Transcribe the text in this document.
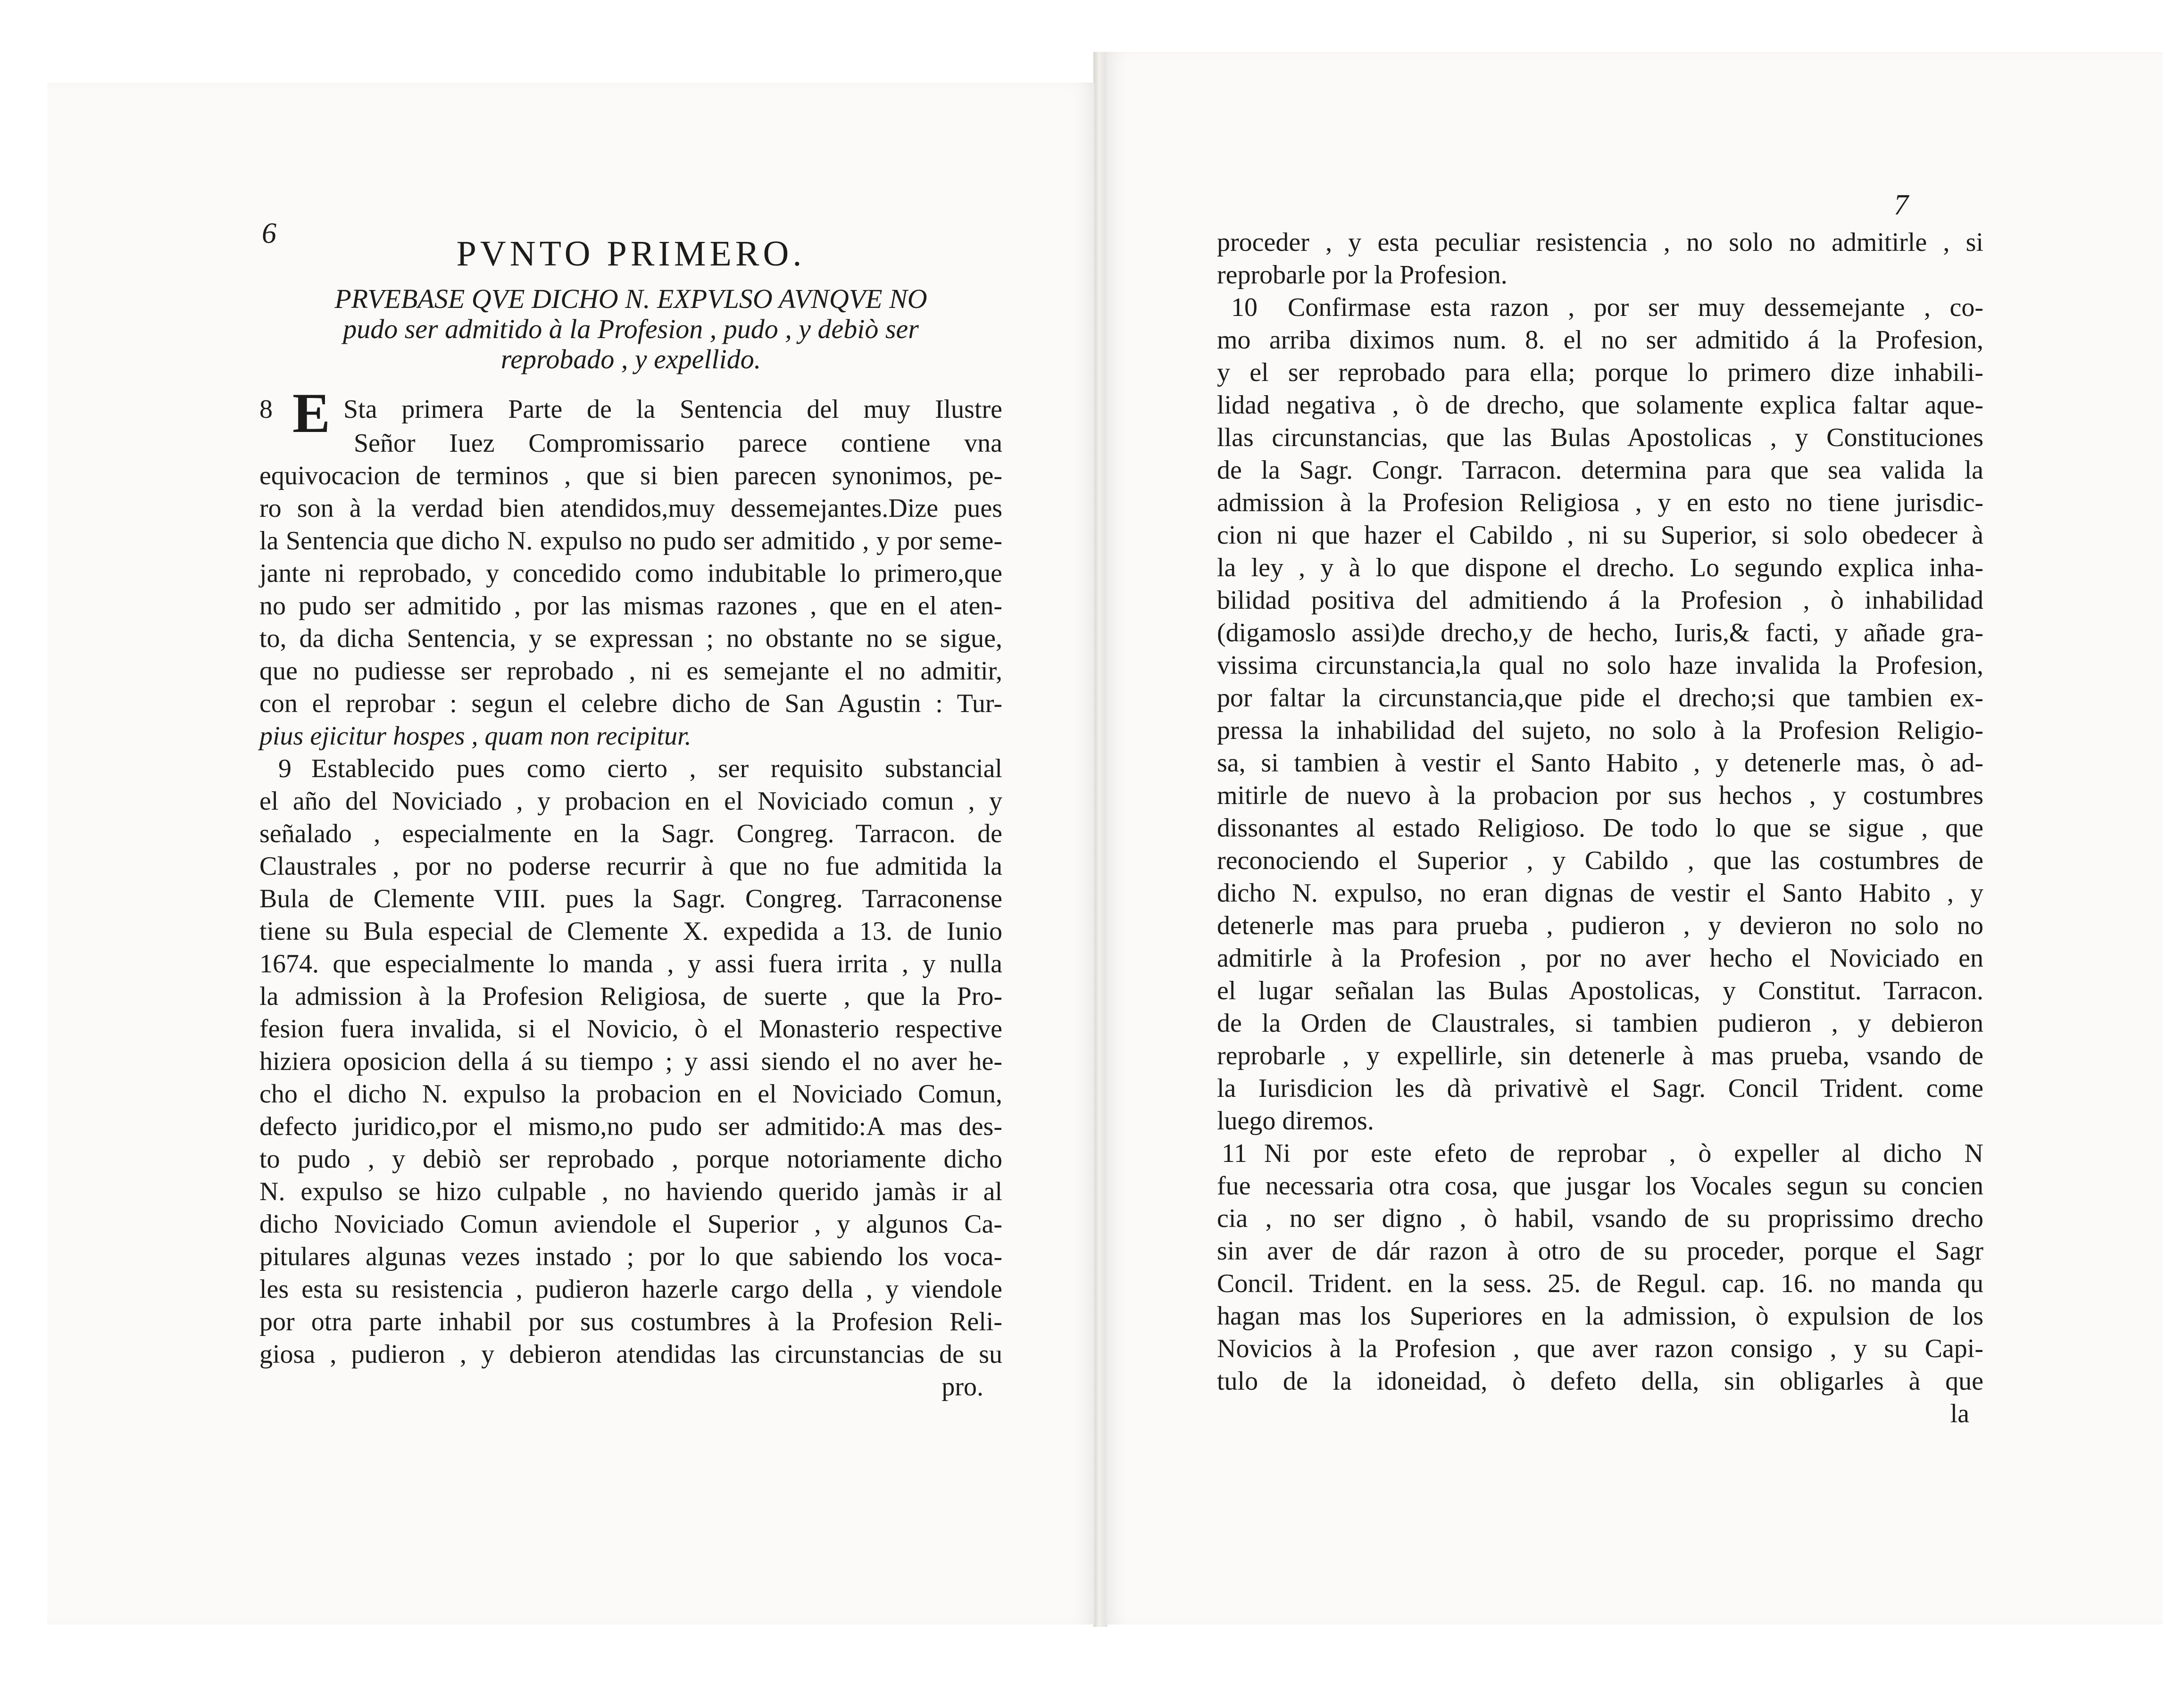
6
PVNTO PRIMERO.
PRVEBASE QVE DICHO N. EXPVLSO AVNQVE NO
pudo ser admitido à la Profesion , pudo , y debiò ser
reprobado , y expellido.
8 E Sta primera Parte de la Sentencia del muy Ilustre
Señor Iuez Compromissario parece contiene vna
equivocacion de terminos , que si bien parecen synonimos, pe-
ro son à la verdad bien atendidos,muy dessemejantes.Dize pues
la Sentencia que dicho N. expulso no pudo ser admitido , y por seme-
jante ni reprobado, y concedido como indubitable lo primero,que
no pudo ser admitido , por las mismas razones , que en el aten-
to, da dicha Sentencia, y se expressan ; no obstante no se sigue,
que no pudiesse ser reprobado , ni es semejante el no admitir,
con el reprobar : segun el celebre dicho de San Agustin : Tur-
pius ejicitur hospes , quam non recipitur.
9 Establecido pues como cierto , ser requisito substancial
el año del Noviciado , y probacion en el Noviciado comun , y
señalado , especialmente en la Sagr. Congreg. Tarracon. de
Claustrales , por no poderse recurrir à que no fue admitida la
Bula de Clemente VIII. pues la Sagr. Congreg. Tarraconense
tiene su Bula especial de Clemente X. expedida a 13. de Iunio
1674. que especialmente lo manda , y assi fuera irrita , y nulla
la admission à la Profesion Religiosa, de suerte , que la Pro-
fesion fuera invalida, si el Novicio, ò el Monasterio respective
hiziera oposicion della á su tiempo ; y assi siendo el no aver he-
cho el dicho N. expulso la probacion en el Noviciado Comun,
defecto juridico,por el mismo,no pudo ser admitido:A mas des-
to pudo , y debiò ser reprobado , porque notoriamente dicho
N. expulso se hizo culpable , no haviendo querido jamàs ir al
dicho Noviciado Comun aviendole el Superior , y algunos Ca-
pitulares algunas vezes instado ; por lo que sabiendo los voca-
les esta su resistencia , pudieron hazerle cargo della , y viendole
por otra parte inhabil por sus costumbres à la Profesion Reli-
giosa , pudieron , y debieron atendidas las circunstancias de su
pro.
7
proceder , y esta peculiar resistencia , no solo no admitirle , si
reprobarle por la Profesion.
10 Confirmase esta razon , por ser muy dessemejante , co-
mo arriba diximos num. 8. el no ser admitido á la Profesion,
y el ser reprobado para ella; porque lo primero dize inhabili-
lidad negativa , ò de drecho, que solamente explica faltar aque-
llas circunstancias, que las Bulas Apostolicas , y Constituciones
de la Sagr. Congr. Tarracon. determina para que sea valida la
admission à la Profesion Religiosa , y en esto no tiene jurisdic-
cion ni que hazer el Cabildo , ni su Superior, si solo obedecer à
la ley , y à lo que dispone el drecho. Lo segundo explica inha-
bilidad positiva del admitiendo á la Profesion , ò inhabilidad
(digamoslo assi)de drecho,y de hecho, Iuris,& facti, y añade gra-
vissima circunstancia,la qual no solo haze invalida la Profesion,
por faltar la circunstancia,que pide el drecho;si que tambien ex-
pressa la inhabilidad del sujeto, no solo à la Profesion Religio-
sa, si tambien à vestir el Santo Habito , y detenerle mas, ò ad-
mitirle de nuevo à la probacion por sus hechos , y costumbres
dissonantes al estado Religioso. De todo lo que se sigue , que
reconociendo el Superior , y Cabildo , que las costumbres de
dicho N. expulso, no eran dignas de vestir el Santo Habito , y
detenerle mas para prueba , pudieron , y devieron no solo no
admitirle à la Profesion , por no aver hecho el Noviciado en
el lugar señalan las Bulas Apostolicas, y Constitut. Tarracon.
de la Orden de Claustrales, si tambien pudieron , y debieron
reprobarle , y expellirle, sin detenerle à mas prueba, vsando de
la Iurisdicion les dà privativè el Sagr. Concil Trident. come
luego diremos.
11 Ni por este efeto de reprobar , ò expeller al dicho N
fue necessaria otra cosa, que jusgar los Vocales segun su concien
cia , no ser digno , ò habil, vsando de su proprissimo drecho
sin aver de dár razon à otro de su proceder, porque el Sagr
Concil. Trident. en la sess. 25. de Regul. cap. 16. no manda qu
hagan mas los Superiores en la admission, ò expulsion de los
Novicios à la Profesion , que aver razon consigo , y su Capi-
tulo de la idoneidad, ò defeto della, sin obligarles à que
la
